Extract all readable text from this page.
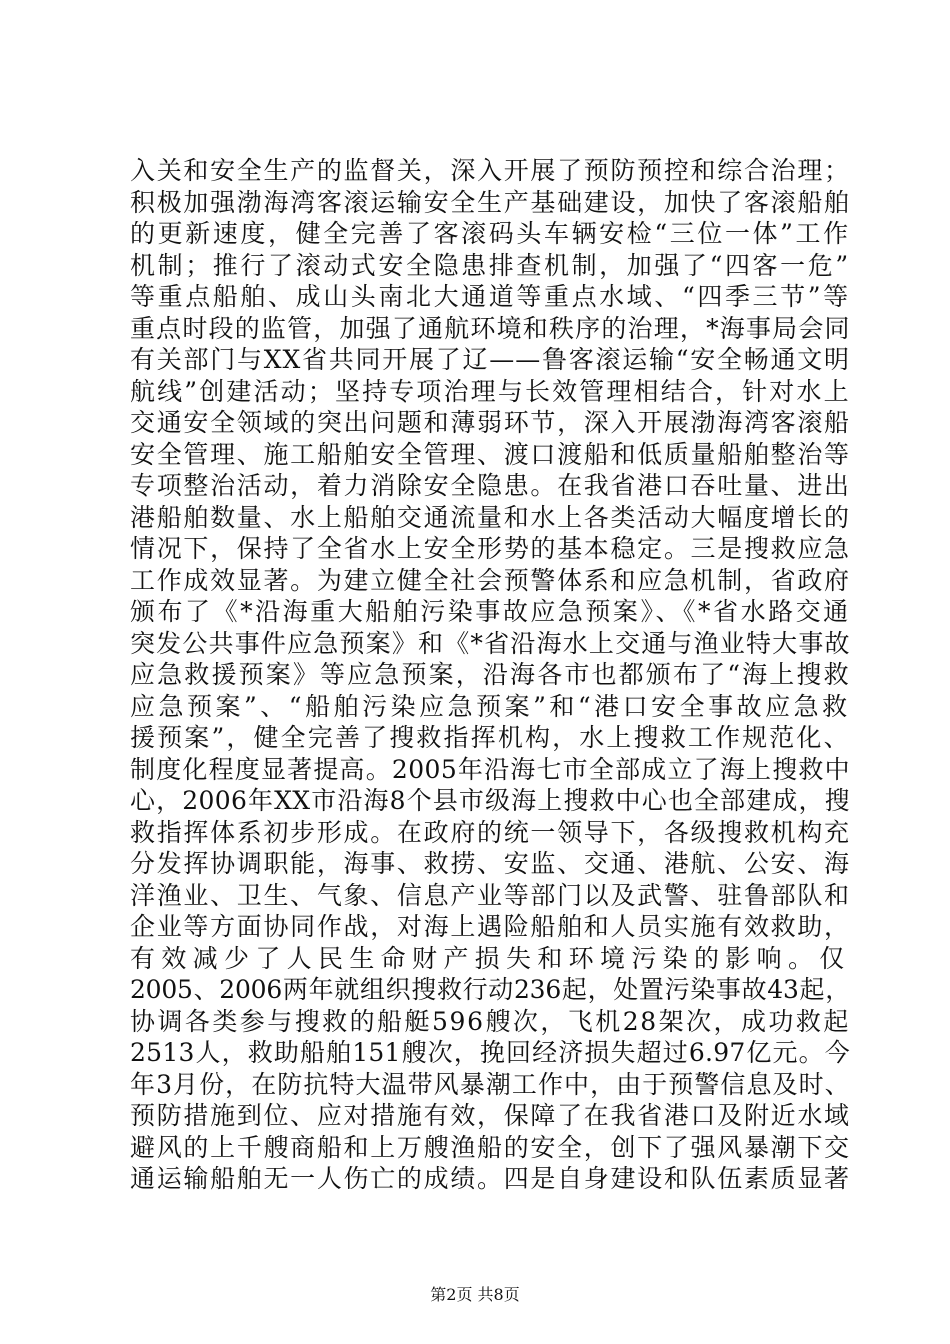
入关和安全生产的监督关，深入开展了预防预控和综合治理；
积极加强渤海湾客滚运输安全生产基础建设，加快了客滚船舶
的更新速度，健全完善了客滚码头车辆安检“三位一体”工作
机制；推行了滚动式安全隐患排查机制，加强了“四客一危”
等重点船舶、成山头南北大通道等重点水域、“四季三节”等
重点时段的监管，加强了通航环境和秩序的治理，*海事局会同
有关部门与XX省共同开展了辽——鲁客滚运输“安全畅通文明
航线”创建活动；坚持专项治理与长效管理相结合，针对水上
交通安全领域的突出问题和薄弱环节，深入开展渤海湾客滚船
安全管理、施工船舶安全管理、渡口渡船和低质量船舶整治等
专项整治活动，着力消除安全隐患。在我省港口吞吐量、进出
港船舶数量、水上船舶交通流量和水上各类活动大幅度增长的
情况下，保持了全省水上安全形势的基本稳定。三是搜救应急
工作成效显著。为建立健全社会预警体系和应急机制，省政府
颁布了《*沿海重大船舶污染事故应急预案》、《*省水路交通
突发公共事件应急预案》和《*省沿海水上交通与渔业特大事故
应急救援预案》等应急预案，沿海各市也都颁布了“海上搜救
应急预案”、“船舶污染应急预案”和“港口安全事故应急救
援预案”，健全完善了搜救指挥机构，水上搜救工作规范化、
制度化程度显著提高。2005年沿海七市全部成立了海上搜救中
心，2006年XX市沿海8个县市级海上搜救中心也全部建成，搜
救指挥体系初步形成。在政府的统一领导下，各级搜救机构充
分发挥协调职能，海事、救捞、安监、交通、港航、公安、海
洋渔业、卫生、气象、信息产业等部门以及武警、驻鲁部队和
企业等方面协同作战，对海上遇险船舶和人员实施有效救助，
有效减少了人民生命财产损失和环境污染的影响。仅
2005、2006两年就组织搜救行动236起，处置污染事故43起，
协调各类参与搜救的船艇596艘次，飞机28架次，成功救起
2513人，救助船舶151艘次，挽回经济损失超过6.97亿元。今
年3月份，在防抗特大温带风暴潮工作中，由于预警信息及时、
预防措施到位、应对措施有效，保障了在我省港口及附近水域
避风的上千艘商船和上万艘渔船的安全，创下了强风暴潮下交
通运输船舶无一人伤亡的成绩。四是自身建设和队伍素质显著
第2页 共8页
